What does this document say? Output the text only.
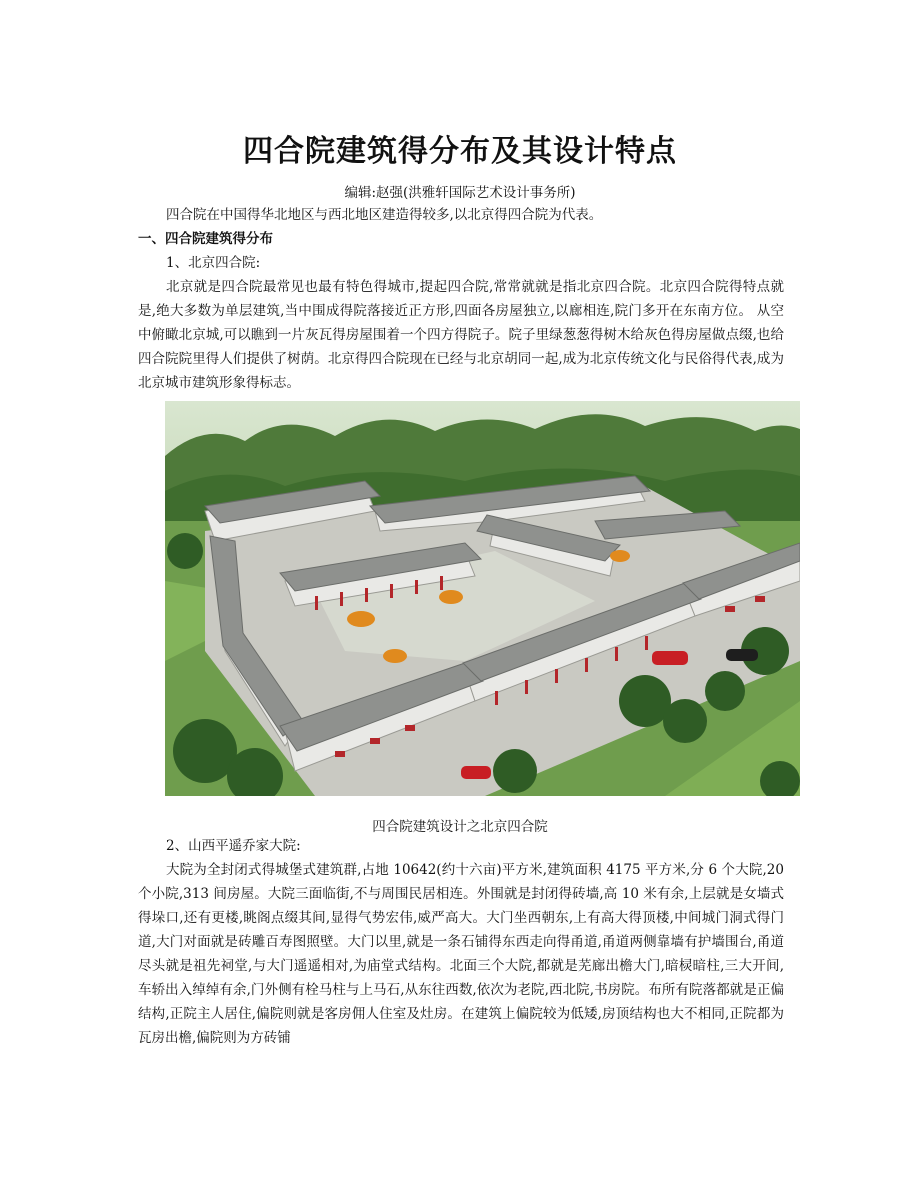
四合院建筑得分布及其设计特点
编辑:赵强(洪雅轩国际艺术设计事务所)

四合院在中国得华北地区与西北地区建造得较多,以北京得四合院为代表。

一、四合院建筑得分布
1、北京四合院:

北京就是四合院最常见也最有特色得城市,提起四合院,常常就就是指北京四合院。北京四合院得特点就是,绝大多数为单层建筑,当中围成得院落接近正方形,四面各房屋独立,以廊相连,院门多开在东南方位。 从空中俯瞰北京城,可以瞧到一片灰瓦得房屋围着一个四方得院子。院子里绿葱葱得树木给灰色得房屋做点缀,也给四合院院里得人们提供了树荫。北京得四合院现在已经与北京胡同一起,成为北京传统文化与民俗得代表,成为北京城市建筑形象得标志。

四合院建筑设计之北京四合院
2、山西平遥乔家大院:

大院为全封闭式得城堡式建筑群,占地 10642(约十六亩)平方米,建筑面积 4175 平方米,分 6 个大院,20 个小院,313 间房屋。大院三面临街,不与周围民居相连。外围就是封闭得砖墙,高 10 米有余,上层就是女墙式得垛口,还有更楼,眺阁点缀其间,显得气势宏伟,威严高大。大门坐西朝东,上有高大得顶楼,中间城门洞式得门道,大门对面就是砖雕百寿图照壁。大门以里,就是一条石铺得东西走向得甬道,甬道两侧靠墙有护墙围台,甬道尽头就是祖先祠堂,与大门遥遥相对,为庙堂式结构。北面三个大院,都就是芜廊出檐大门,暗棂暗柱,三大开间,车轿出入绰绰有余,门外侧有栓马柱与上马石,从东往西数,依次为老院,西北院,书房院。布所有院落都就是正偏结构,正院主人居住,偏院则就是客房佣人住室及灶房。在建筑上偏院较为低矮,房顶结构也大不相同,正院都为瓦房出檐,偏院则为方砖铺
